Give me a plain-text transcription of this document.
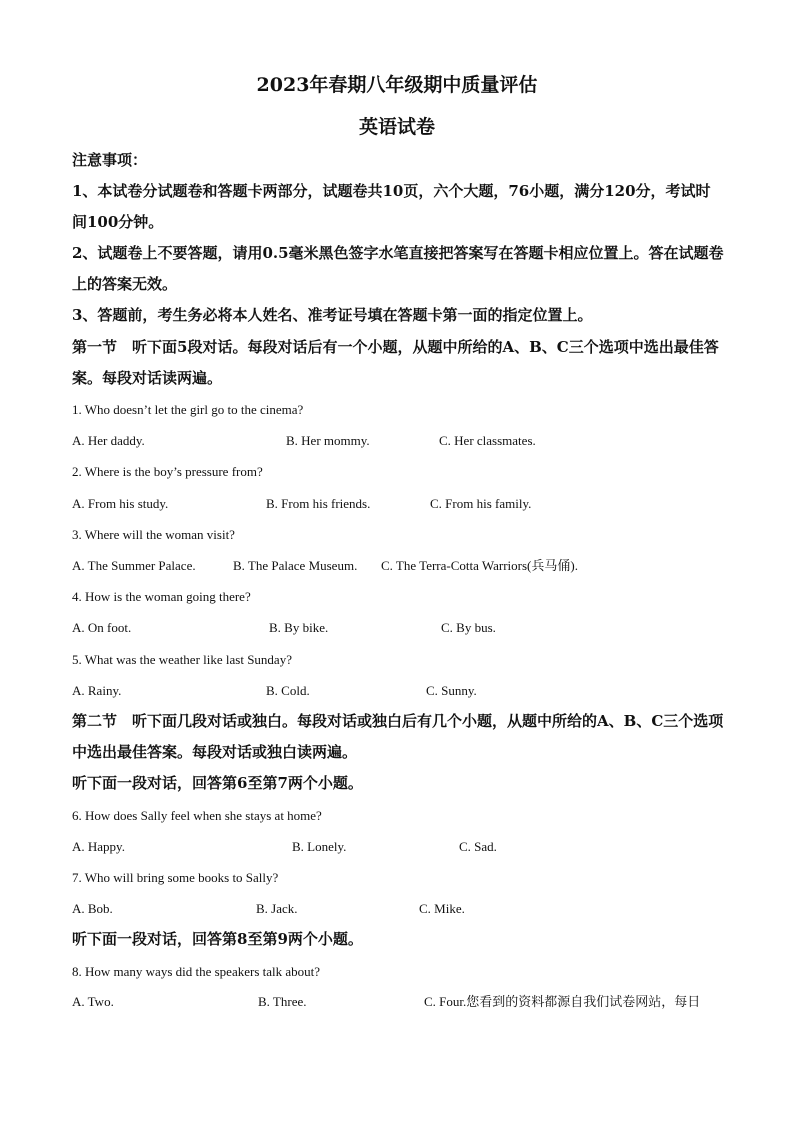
2023年春期八年级期中质量评估
英语试卷
注意事项：
1、本试卷分试题卷和答题卡两部分，试题卷共10页，六个大题，76小题，满分120分，考试时间100分钟。
2、试题卷上不要答题，请用0.5毫米黑色签字水笔直接把答案写在答题卡相应位置上。答在试题卷上的答案无效。
3、答题前，考生务必将本人姓名、准考证号填在答题卡第一面的指定位置上。
第一节　听下面5段对话。每段对话后有一个小题，从题中所给的A、B、C三个选项中选出最佳答案。每段对话读两遍。
1. Who doesn’t let the girl go to the cinema?
A. Her daddy.	B. Her mommy.	C. Her classmates.
2. Where is the boy’s pressure from?
A. From his study.	B. From his friends.	C. From his family.
3. Where will the woman visit?
A. The Summer Palace.	B. The Palace Museum. C. The Terra-Cotta Warriors(兵马俑).
4. How is the woman going there?
A. On foot.	B. By bike.	C. By bus.
5. What was the weather like last Sunday?
A. Rainy.	B. Cold.	C. Sunny.
第二节　听下面几段对话或独白。每段对话或独白后有几个小题，从题中所给的A、B、C三个选项中选出最佳答案。每段对话或独白读两遍。
听下面一段对话，回答第6至第7两个小题。
6. How does Sally feel when she stays at home?
A. Happy.	B. Lonely.	C. Sad.
7. Who will bring some books to Sally?
A. Bob.	B. Jack.	C. Mike.
听下面一段对话，回答第8至第9两个小题。
8. How many ways did the speakers talk about?
A. Two.	B. Three.	C. Four.您看到的资料都源自我们试卷网站，每日
